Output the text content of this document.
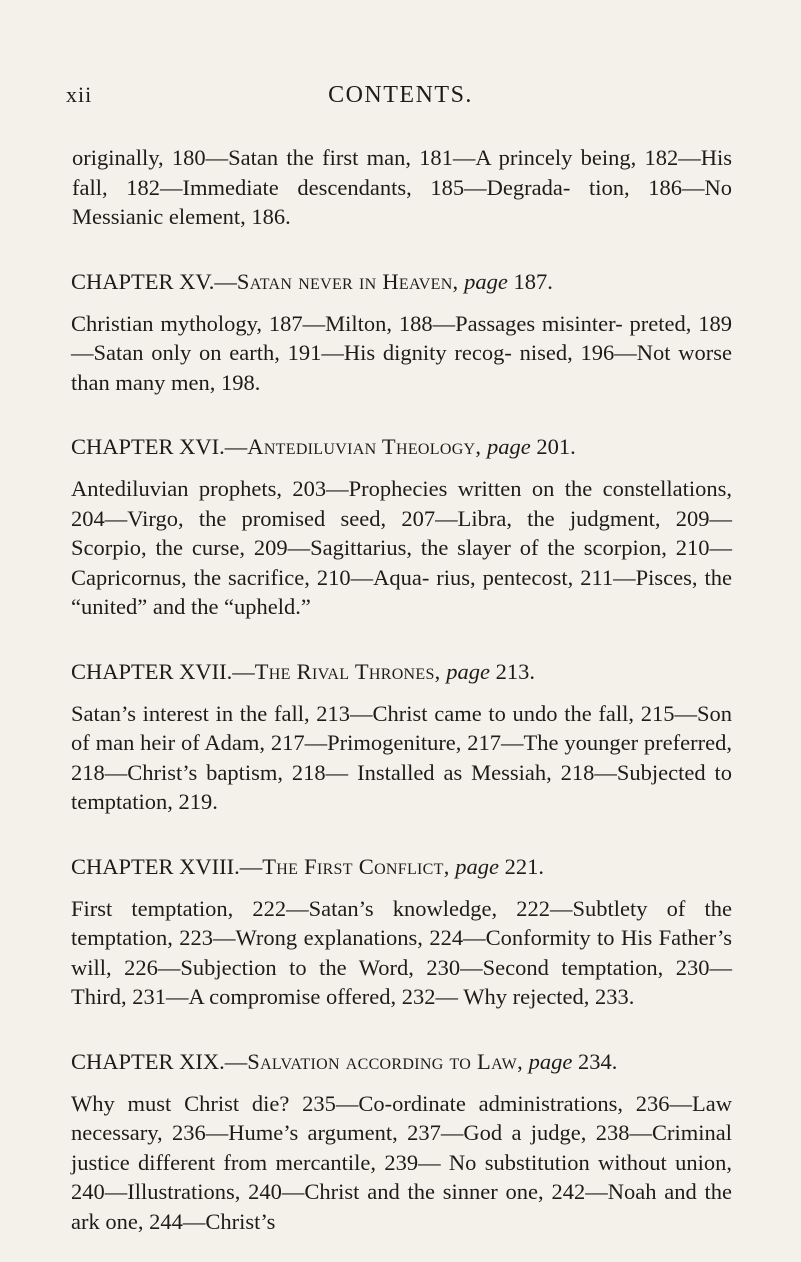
xii	CONTENTS.

originally, 180—Satan the first man, 181—A princely being, 182—His fall, 182—Immediate descendants, 185—Degrada- tion, 186—No Messianic element, 186.

CHAPTER XV.—Satan never in Heaven, page 187.

Christian mythology, 187—Milton, 188—Passages misinter- preted, 189—Satan only on earth, 191—His dignity recog- nised, 196—Not worse than many men, 198.

CHAPTER XVI.—Antediluvian Theology, page 201.

Antediluvian prophets, 203—Prophecies written on the constellations, 204—Virgo, the promised seed, 207—Libra, the judgment, 209—Scorpio, the curse, 209—Sagittarius, the slayer of the scorpion, 210—Capricornus, the sacrifice, 210—Aqua- rius, pentecost, 211—Pisces, the “united” and the “upheld.”

CHAPTER XVII.—The Rival Thrones, page 213.

Satan’s interest in the fall, 213—Christ came to undo the fall, 215—Son of man heir of Adam, 217—Primogeniture, 217—The younger preferred, 218—Christ’s baptism, 218— Installed as Messiah, 218—Subjected to temptation, 219.

CHAPTER XVIII.—The First Conflict, page 221.

First temptation, 222—Satan’s knowledge, 222—Subtlety of the temptation, 223—Wrong explanations, 224—Conformity to His Father’s will, 226—Subjection to the Word, 230—Second temptation, 230—Third, 231—A compromise offered, 232— Why rejected, 233.

CHAPTER XIX.—Salvation according to Law, page 234.

Why must Christ die? 235—Co-ordinate administrations, 236—Law necessary, 236—Hume’s argument, 237—God a judge, 238—Criminal justice different from mercantile, 239— No substitution without union, 240—Illustrations, 240—Christ and the sinner one, 242—Noah and the ark one, 244—Christ’s
